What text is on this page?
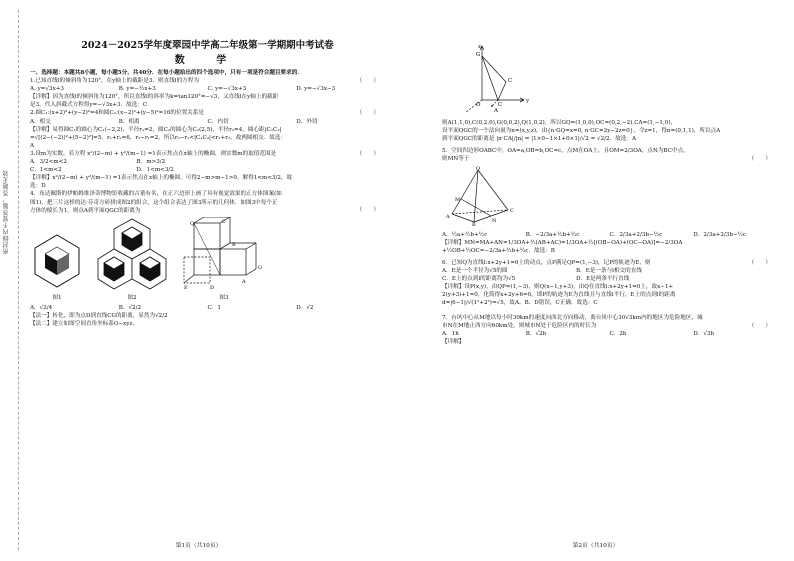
密封线内不要答题，答题无效
2024－2025学年度翠园中学高二年级第一学期期中考试卷
数 学
一、选择题：本题共8小题，每小题5分，共40分．在每小题给出的四个选项中，只有一项是符合题目要求的．
1.已知直线l的倾斜角为120°，在y轴上的截距是3，则直线l的方程为	（　　）
A. y=√3x+3	B. y=−½x+3	C. y=−√3x+3	D. y=−√3x−3
【详解】因为直线l的倾斜角为120°，所以直线l的斜率为k=tan120°=−√3，又直线l在y轴上的截距
是3，代入斜截式方程得y=−√3x+3．故选：C
2.圆C₁:(x+2)²+(y−2)²=4和圆C₂:(x−2)²+(y−5)²=16的位置关系是	（　　）
A．相交	B．相离	C．内切	D．外切
【详解】易得圆C₁的圆心为C₁(−2,2)，半径r₁=2，圆C₂的圆心为C₂(2,5)，半径r₂=4，圆心距|C₁C₂|
=√[(2−(−2))²+(5−2)²]=5，r₁+r₂=6，r₂−r₁=2，所以r₂−r₁<|C₁C₂|<r₁+r₂，故两圆相交．故选：
A
3.设m为实数，若方程 x²/(2−m) + y²/(m−1) =1表示焦点在x轴上的椭圆，则实数m的取值范围是	（　　）
A．3/2<m<2	B．m>3/2
C．1<m<2	D．1<m<3/2
【详解】x²/(2−m) + y²/(m−1) =1表示焦点在x轴上的椭圆，可得2−m>m−1>0，解得1<m<3/2，故
选：D
4．布达佩斯的伊帕姆维泽蒂博物馆收藏的古董有名，在正六边形上画了具有视觉效果的正方体图案(如
图1)，把三片这样的达·芬奇方砖拼成图2的组合，这个组合表达了图3所示的几何体．如图3中每个正
方体的棱长为1，则点A到平面QGC的距离为	（　　）
图1	图2
Q	C
B
E	D
A
G
图3
A．√2/4	B．√2/2	C．1	D．√2
【法一】转化，即为点D到直线CG的距离，显然为√2/2
【法二】建立如图空间直角坐标系O−xyz．
第1页（共10页）
z
G
C
y
O	C
A
则A(1,1,0),C(0,2,0),G(0,0,2),Q(1,0,2)，所以GQ=(1,0,0),OC=(0,2,−2),CA=(1,−1,0)，
设平面QGC的一个法向量为n=(x,y,z)，由{n·GQ=x=0, n·GC=2y−2z=0}，令z=1，得n=(0,1,1)，所以点A
到平面QGC的距离是 |n·CA|/|n| = |1×0−1×1+0×1|/√2 = √2/2．故选：A
5．空间四边形OABC中，OA=a,OB=b,OC=c，点M在OA上，且OM=2/3OA，点N为BC中点，
则MN等于	（　　）
O
M
A
B
N
C
A．½a+½b+½c	B．−2/3a+½b+½c	C．2/3a+2/3b−½c	D．2/3a+2/3b−½c
【详解】MN=MA+AN=1/3OA+½(AB+AC)=1/3OA+½[(OB−OA)+(OC−OA)]=−2/3OA
+½OB+½OC=−2/3a+½b+½c．故选：B
6．已知Q为直线l:x+2y+1=0上的动点，点P满足QP=(1,−3)，记P的轨迹为E，则	（　　）
A．E是一个半径为√5的圆	B．E是一条与l相交的直线
C．E上的点到l的距离均为√5	D．E是两条平行直线
【详解】设P(x,y)，由QP=(1,−3)，则Q(x−1,y+3)，由Q在直线l:x+2y+1=0上，故x−1+
2(y+3)+1=0，化简得x+2y+6=0，即P的轨迹为E为直线且与直线l平行，E上的点到l的距离
d=|6−1|/√(1²+2²)=√5，故A、B、D错误，C正确．故选：C
7．台风中心从M地以每小时30km的速度向西北方向移动，离台风中心30√3km内的地区为危险地区，城
市N在M地正西方向60km处，则城市N处于危险区内的时长为	（　　）
A．1h	B．√2h	C．2h	D．√3h
【详解】
第2页（共10页）
